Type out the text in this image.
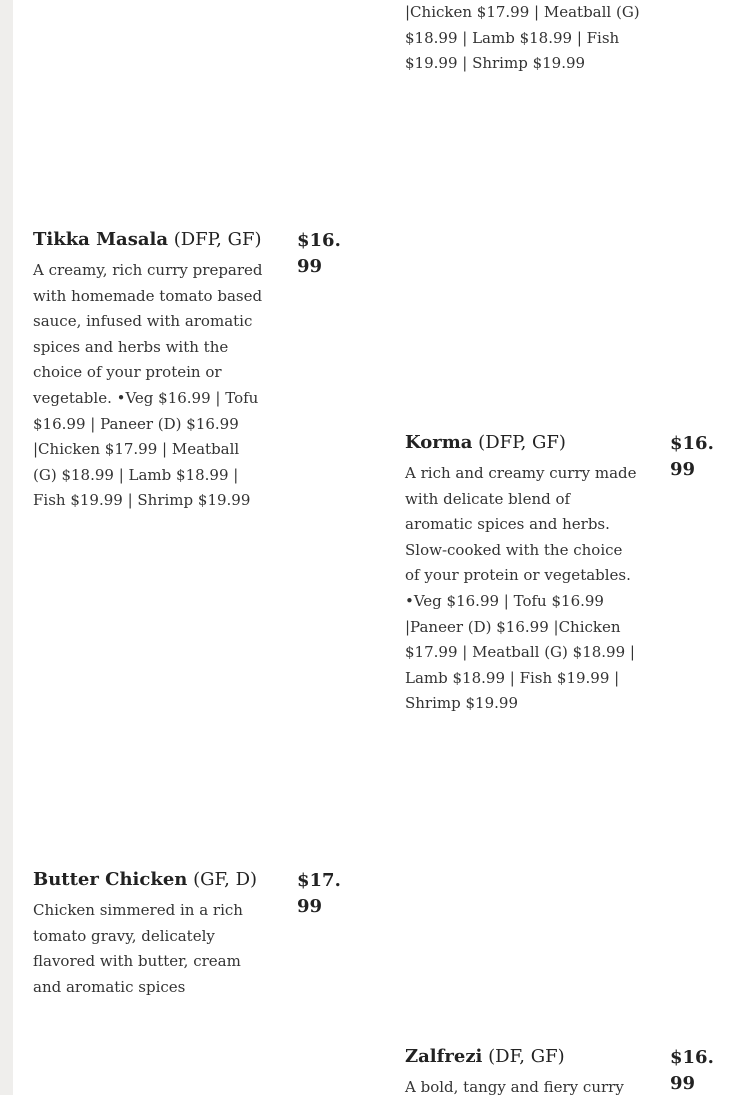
|Chicken $17.99 | Meatball (G)

$18.99 | Lamb $18.99 | Fish

$19.99 | Shrimp $19.99

Tikka Masala (DFP, GF)

A creamy, rich curry prepared with homemade tomato based sauce, infused with aromatic spices and herbs with the choice of your protein or vegetable. •Veg $16.99 | Tofu $16.99 | Paneer (D) $16.99 |Chicken $17.99 | Meatball (G) $18.99 | Lamb $18.99 | Fish $19.99 | Shrimp $19.99

$16.99

Korma (DFP, GF)

A rich and creamy curry made with delicate blend of aromatic spices and herbs. Slow-cooked with the choice of your protein or vegetables. •Veg $16.99 | Tofu $16.99 |Paneer (D) $16.99 |Chicken $17.99 | Meatball (G) $18.99 | Lamb $18.99 | Fish $19.99 | Shrimp $19.99

$16.99

Butter Chicken (GF, D)

Chicken simmered in a rich tomato gravy, delicately flavored with butter, cream and aromatic spices

$17.99

Zalfrezi (DF, GF)

A bold, tangy and fiery curry

$16.99
